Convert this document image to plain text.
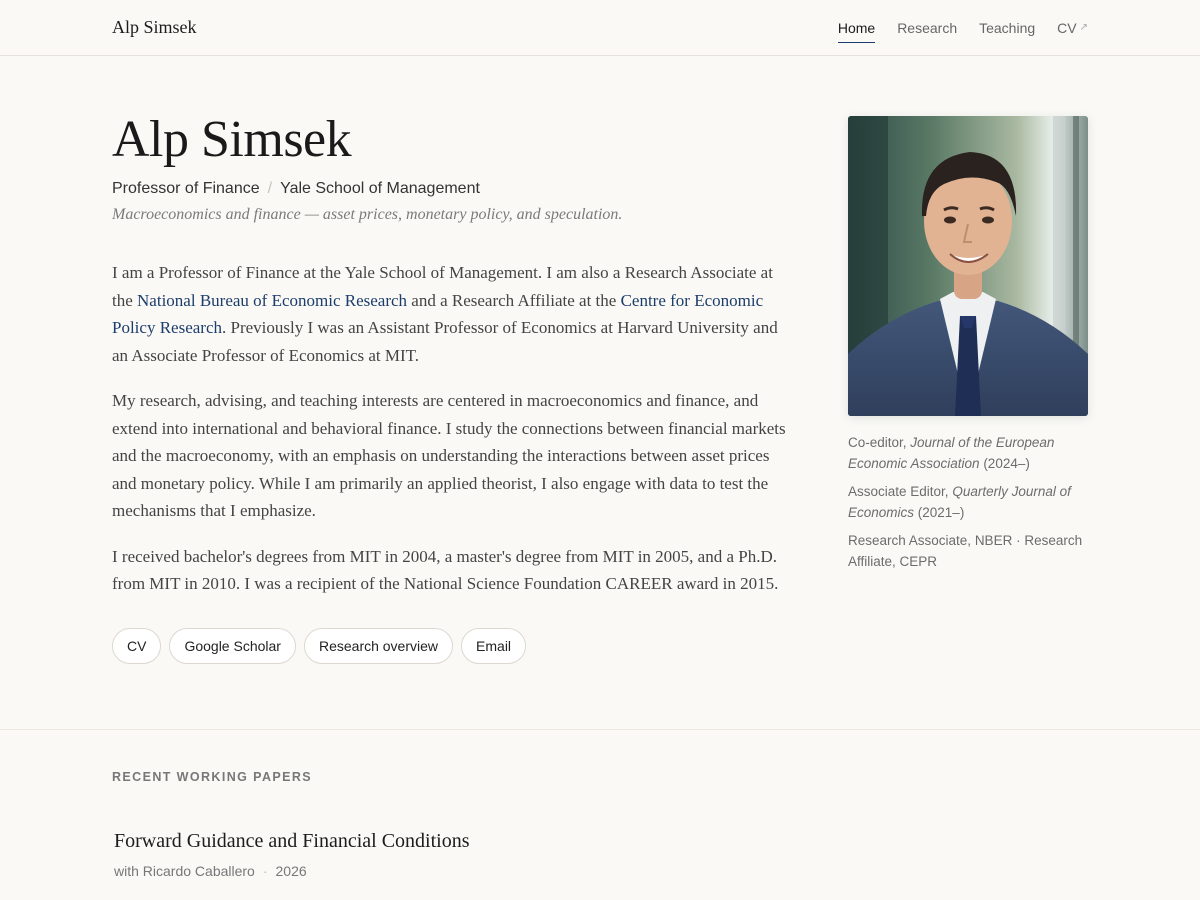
Alp Simsek	Home Research Teaching CV ↗
Alp Simsek
Professor of Finance / Yale School of Management
Macroeconomics and finance — asset prices, monetary policy, and speculation.

I am a Professor of Finance at the Yale School of Management. I am also a Research Associate at the National Bureau of Economic Research and a Research Affiliate at the Centre for Economic Policy Research. Previously I was an Assistant Professor of Economics at Harvard University and an Associate Professor of Economics at MIT.

My research, advising, and teaching interests are centered in macroeconomics and finance, and extend into international and behavioral finance. I study the connections between financial markets and the macroeconomy, with an emphasis on understanding the interactions between asset prices and monetary policy. While I am primarily an applied theorist, I also engage with data to test the mechanisms that I emphasize.

I received bachelor's degrees from MIT in 2004, a master's degree from MIT in 2005, and a Ph.D. from MIT in 2010. I was a recipient of the National Science Foundation CAREER award in 2015.

CV	Google Scholar	Research overview	Email
Co-editor, Journal of the European Economic Association (2024–)
Associate Editor, Quarterly Journal of Economics (2021–)
Research Associate, NBER · Research Affiliate, CEPR
RECENT WORKING PAPERS
Forward Guidance and Financial Conditions
with Ricardo Caballero · 2026
